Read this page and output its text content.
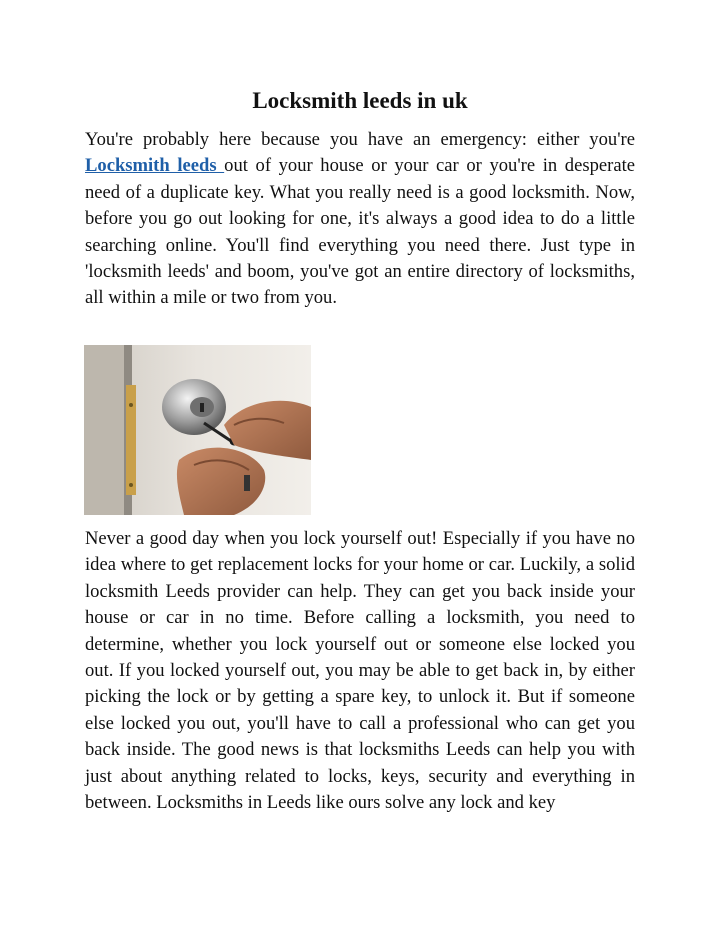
Locksmith leeds in uk

You're probably here because you have an emergency: either you're Locksmith leeds out of your house or your car or you're in desperate need of a duplicate key. What you really need is a good locksmith. Now, before you go out looking for one, it's always a good idea to do a little searching online. You'll find everything you need there. Just type in 'locksmith leeds' and boom, you've got an entire directory of locksmiths, all within a mile or two from you.

Never a good day when you lock yourself out! Especially if you have no idea where to get replacement locks for your home or car. Luckily, a solid locksmith Leeds provider can help. They can get you back inside your house or car in no time. Before calling a locksmith, you need to determine, whether you lock yourself out or someone else locked you out. If you locked yourself out, you may be able to get back in, by either picking the lock or by getting a spare key, to unlock it. But if someone else locked you out, you'll have to call a professional who can get you back inside. The good news is that locksmiths Leeds can help you with just about anything related to locks, keys, security and everything in between. Locksmiths in Leeds like ours solve any lock and key
